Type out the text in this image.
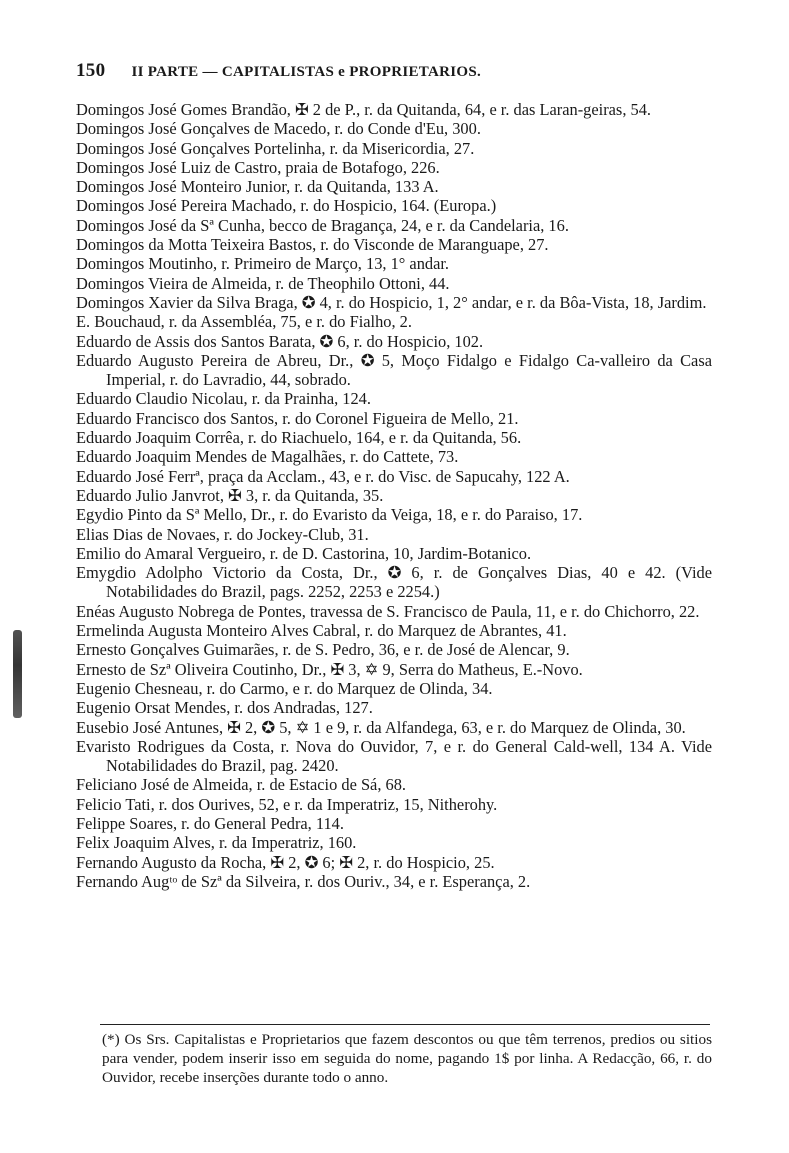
150 II PARTE — CAPITALISTAS e PROPRIETARIOS.
Domingos José Gomes Brandão, ✠ 2 de P., r. da Quitanda, 64, e r. das Laran-geiras, 54.
Domingos José Gonçalves de Macedo, r. do Conde d'Eu, 300.
Domingos José Gonçalves Portelinha, r. da Misericordia, 27.
Domingos José Luiz de Castro, praia de Botafogo, 226.
Domingos José Monteiro Junior, r. da Quitanda, 133 A.
Domingos José Pereira Machado, r. do Hospicio, 164. (Europa.)
Domingos José da Sª Cunha, becco de Bragança, 24, e r. da Candelaria, 16.
Domingos da Motta Teixeira Bastos, r. do Visconde de Maranguape, 27.
Domingos Moutinho, r. Primeiro de Março, 13, 1° andar.
Domingos Vieira de Almeida, r. de Theophilo Ottoni, 44.
Domingos Xavier da Silva Braga, ✪ 4, r. do Hospicio, 1, 2° andar, e r. da Bôa-Vista, 18, Jardim.
E. Bouchaud, r. da Assembléa, 75, e r. do Fialho, 2.
Eduardo de Assis dos Santos Barata, ✪ 6, r. do Hospicio, 102.
Eduardo Augusto Pereira de Abreu, Dr., ✪ 5, Moço Fidalgo e Fidalgo Ca-valleiro da Casa Imperial, r. do Lavradio, 44, sobrado.
Eduardo Claudio Nicolau, r. da Prainha, 124.
Eduardo Francisco dos Santos, r. do Coronel Figueira de Mello, 21.
Eduardo Joaquim Corrêa, r. do Riachuelo, 164, e r. da Quitanda, 56.
Eduardo Joaquim Mendes de Magalhães, r. do Cattete, 73.
Eduardo José Ferrª, praça da Acclam., 43, e r. do Visc. de Sapucahy, 122 A.
Eduardo Julio Janvrot, ✠ 3, r. da Quitanda, 35.
Egydio Pinto da Sª Mello, Dr., r. do Evaristo da Veiga, 18, e r. do Paraiso, 17.
Elias Dias de Novaes, r. do Jockey-Club, 31.
Emilio do Amaral Vergueiro, r. de D. Castorina, 10, Jardim-Botanico.
Emygdio Adolpho Victorio da Costa, Dr., ✪ 6, r. de Gonçalves Dias, 40 e 42. (Vide Notabilidades do Brazil, pags. 2252, 2253 e 2254.)
Enéas Augusto Nobrega de Pontes, travessa de S. Francisco de Paula, 11, e r. do Chichorro, 22.
Ermelinda Augusta Monteiro Alves Cabral, r. do Marquez de Abrantes, 41.
Ernesto Gonçalves Guimarães, r. de S. Pedro, 36, e r. de José de Alencar, 9.
Ernesto de Szª Oliveira Coutinho, Dr., ✠ 3, ✡ 9, Serra do Matheus, E.-Novo.
Eugenio Chesneau, r. do Carmo, e r. do Marquez de Olinda, 34.
Eugenio Orsat Mendes, r. dos Andradas, 127.
Eusebio José Antunes, ✠ 2, ✪ 5, ✡ 1 e 9, r. da Alfandega, 63, e r. do Marquez de Olinda, 30.
Evaristo Rodrigues da Costa, r. Nova do Ouvidor, 7, e r. do General Cald-well, 134 A. Vide Notabilidades do Brazil, pag. 2420.
Feliciano José de Almeida, r. de Estacio de Sá, 68.
Felicio Tati, r. dos Ourives, 52, e r. da Imperatriz, 15, Nitherohy.
Felippe Soares, r. do General Pedra, 114.
Felix Joaquim Alves, r. da Imperatriz, 160.
Fernando Augusto da Rocha, ✠ 2, ✪ 6; ✠ 2, r. do Hospicio, 25.
Fernando Augᵗᵒ de Szª da Silveira, r. dos Ouriv., 34, e r. Esperança, 2.
(*) Os Srs. Capitalistas e Proprietarios que fazem descontos ou que têm terrenos, predios ou sitios para vender, podem inserir isso em seguida do nome, pagando 1$ por linha. A Redacção, 66, r. do Ouvidor, recebe inserções durante todo o anno.
